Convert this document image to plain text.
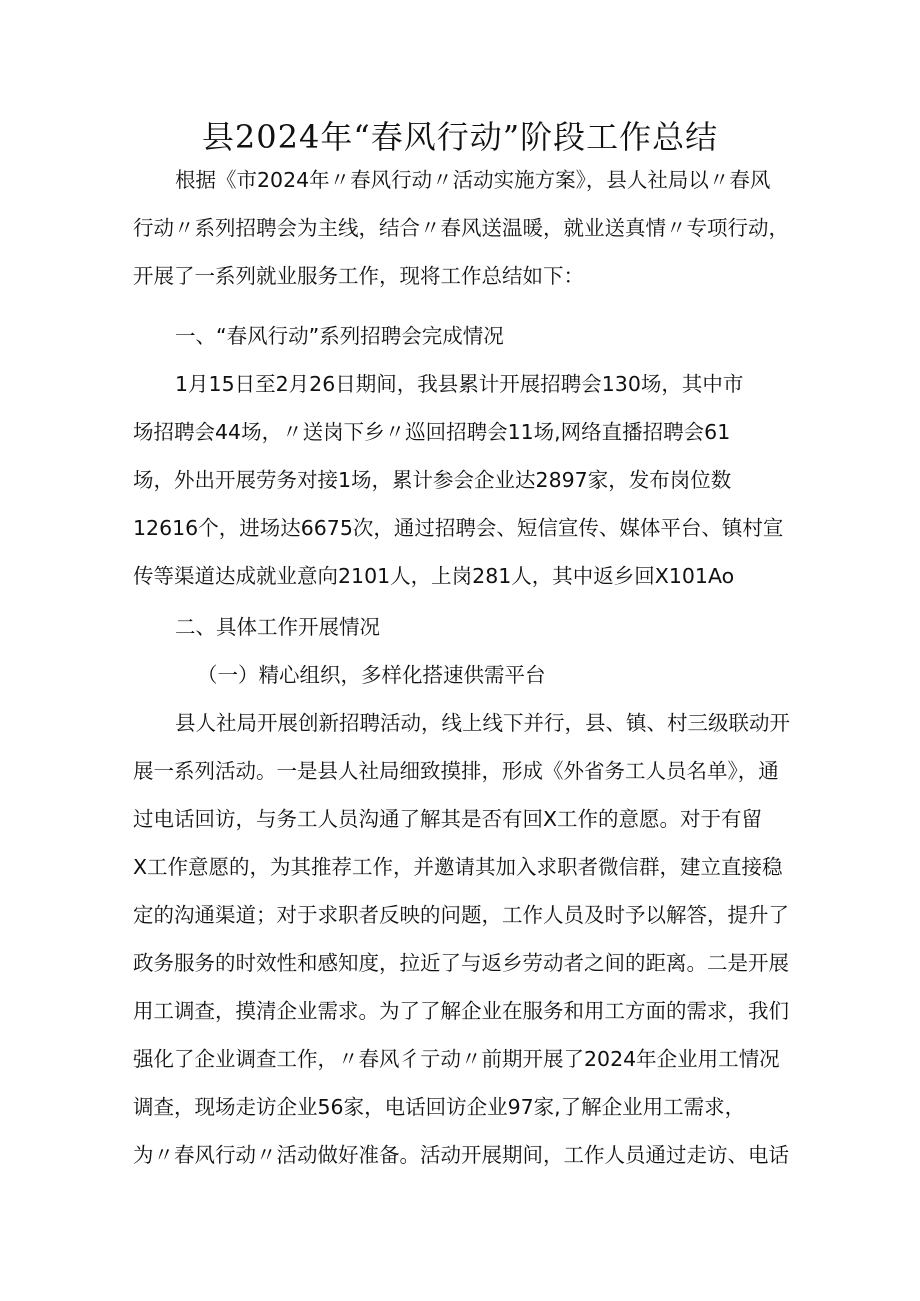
县2024年“春风行动”阶段工作总结
根据《市2024年〃春风行动〃活动实施方案》，县人社局以〃春风
行动〃系列招聘会为主线，结合〃春风送温暖，就业送真情〃专项行动，
开展了一系列就业服务工作，现将工作总结如下：
一、“春风行动”系列招聘会完成情况
1月15日至2月26日期间，我县累计开展招聘会130场，其中市
场招聘会44场，〃送岗下乡〃巡回招聘会11场,网络直播招聘会61
场，外出开展劳务对接1场，累计参会企业达2897家，发布岗位数
12616个，进场达6675次，通过招聘会、短信宣传、媒体平台、镇村宣
传等渠道达成就业意向2101人，上岗281人，其中返乡回X101Ao
二、具体工作开展情况
（一）精心组织，多样化搭速供需平台
县人社局开展创新招聘活动，线上线下并行，县、镇、村三级联动开
展一系列活动。一是县人社局细致摸排，形成《外省务工人员名单》，通
过电话回访，与务工人员沟通了解其是否有回X工作的意愿。对于有留
X工作意愿的，为其推荐工作，并邀请其加入求职者微信群，建立直接稳
定的沟通渠道；对于求职者反映的问题，工作人员及时予以解答，提升了
政务服务的时效性和感知度，拉近了与返乡劳动者之间的距离。二是开展
用工调查，摸清企业需求。为了了解企业在服务和用工方面的需求，我们
强化了企业调查工作，〃春风彳亍动〃前期开展了2024年企业用工情况
调查，现场走访企业56家，电话回访企业97家,了解企业用工需求，
为〃春风行动〃活动做好准备。活动开展期间，工作人员通过走访、电话
